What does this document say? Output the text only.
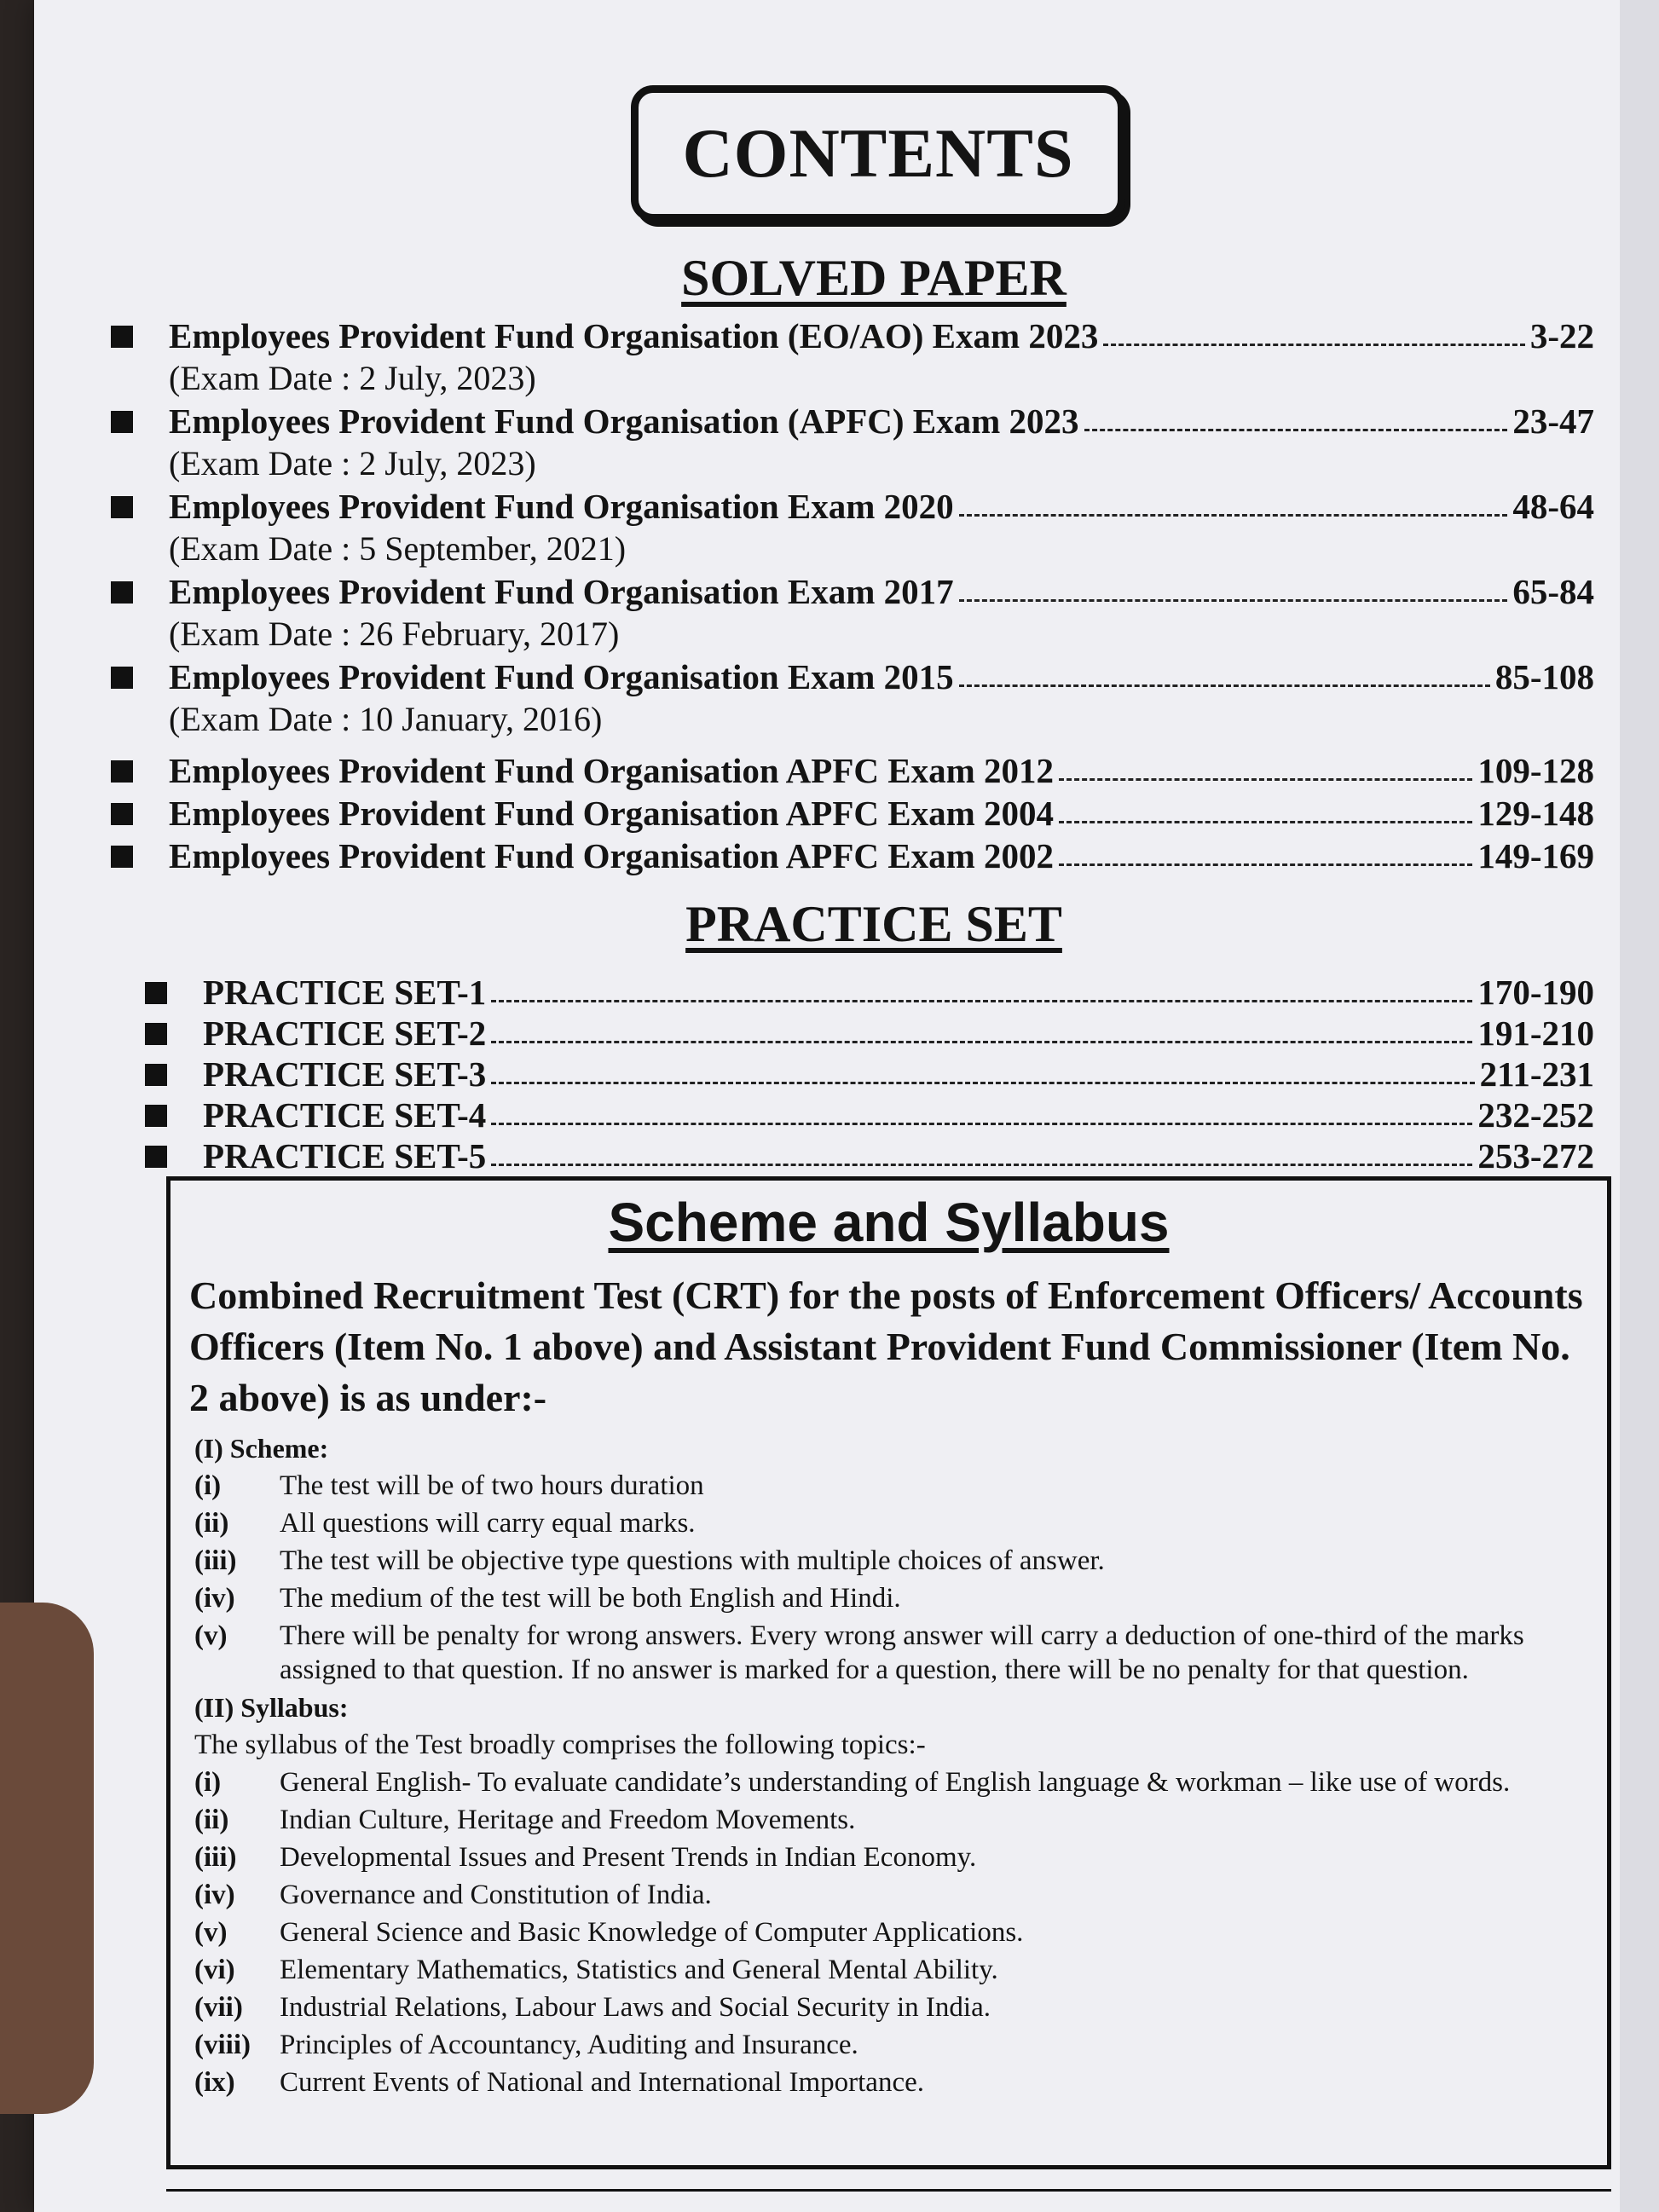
CONTENTS
SOLVED PAPER
Employees Provident Fund Organisation (EO/AO) Exam 2023	3-22
(Exam Date : 2 July, 2023)
Employees Provident Fund Organisation (APFC) Exam 2023	23-47
(Exam Date : 2 July, 2023)
Employees Provident Fund Organisation Exam 2020	48-64
(Exam Date : 5 September, 2021)
Employees Provident Fund Organisation Exam 2017	65-84
(Exam Date : 26 February, 2017)
Employees Provident Fund Organisation Exam 2015	85-108
(Exam Date : 10 January, 2016)
Employees Provident Fund Organisation APFC Exam 2012	109-128
Employees Provident Fund Organisation APFC Exam 2004	129-148
Employees Provident Fund Organisation APFC Exam 2002	149-169
PRACTICE SET
PRACTICE SET-1	170-190
PRACTICE SET-2	191-210
PRACTICE SET-3	211-231
PRACTICE SET-4	232-252
PRACTICE SET-5	253-272
Scheme and Syllabus
Combined Recruitment Test (CRT) for the posts of Enforcement Officers/ Accounts Officers (Item No. 1 above) and Assistant Provident Fund Commissioner (Item No. 2 above) is as under:-
(I) Scheme:
(i)	The test will be of two hours duration
(ii)	All questions will carry equal marks.
(iii)	The test will be objective type questions with multiple choices of answer.
(iv)	The medium of the test will be both English and Hindi.
(v)	There will be penalty for wrong answers. Every wrong answer will carry a deduction of one-third of the marks assigned to that question. If no answer is marked for a question, there will be no penalty for that question.
(II) Syllabus:
The syllabus of the Test broadly comprises the following topics:-
(i)	General English- To evaluate candidate’s understanding of English language & workman – like use of words.
(ii)	Indian Culture, Heritage and Freedom Movements.
(iii)	Developmental Issues and Present Trends in Indian Economy.
(iv)	Governance and Constitution of India.
(v)	General Science and Basic Knowledge of Computer Applications.
(vi)	Elementary Mathematics, Statistics and General Mental Ability.
(vii)	Industrial Relations, Labour Laws and Social Security in India.
(viii)	Principles of Accountancy, Auditing and Insurance.
(ix)	Current Events of National and International Importance.
